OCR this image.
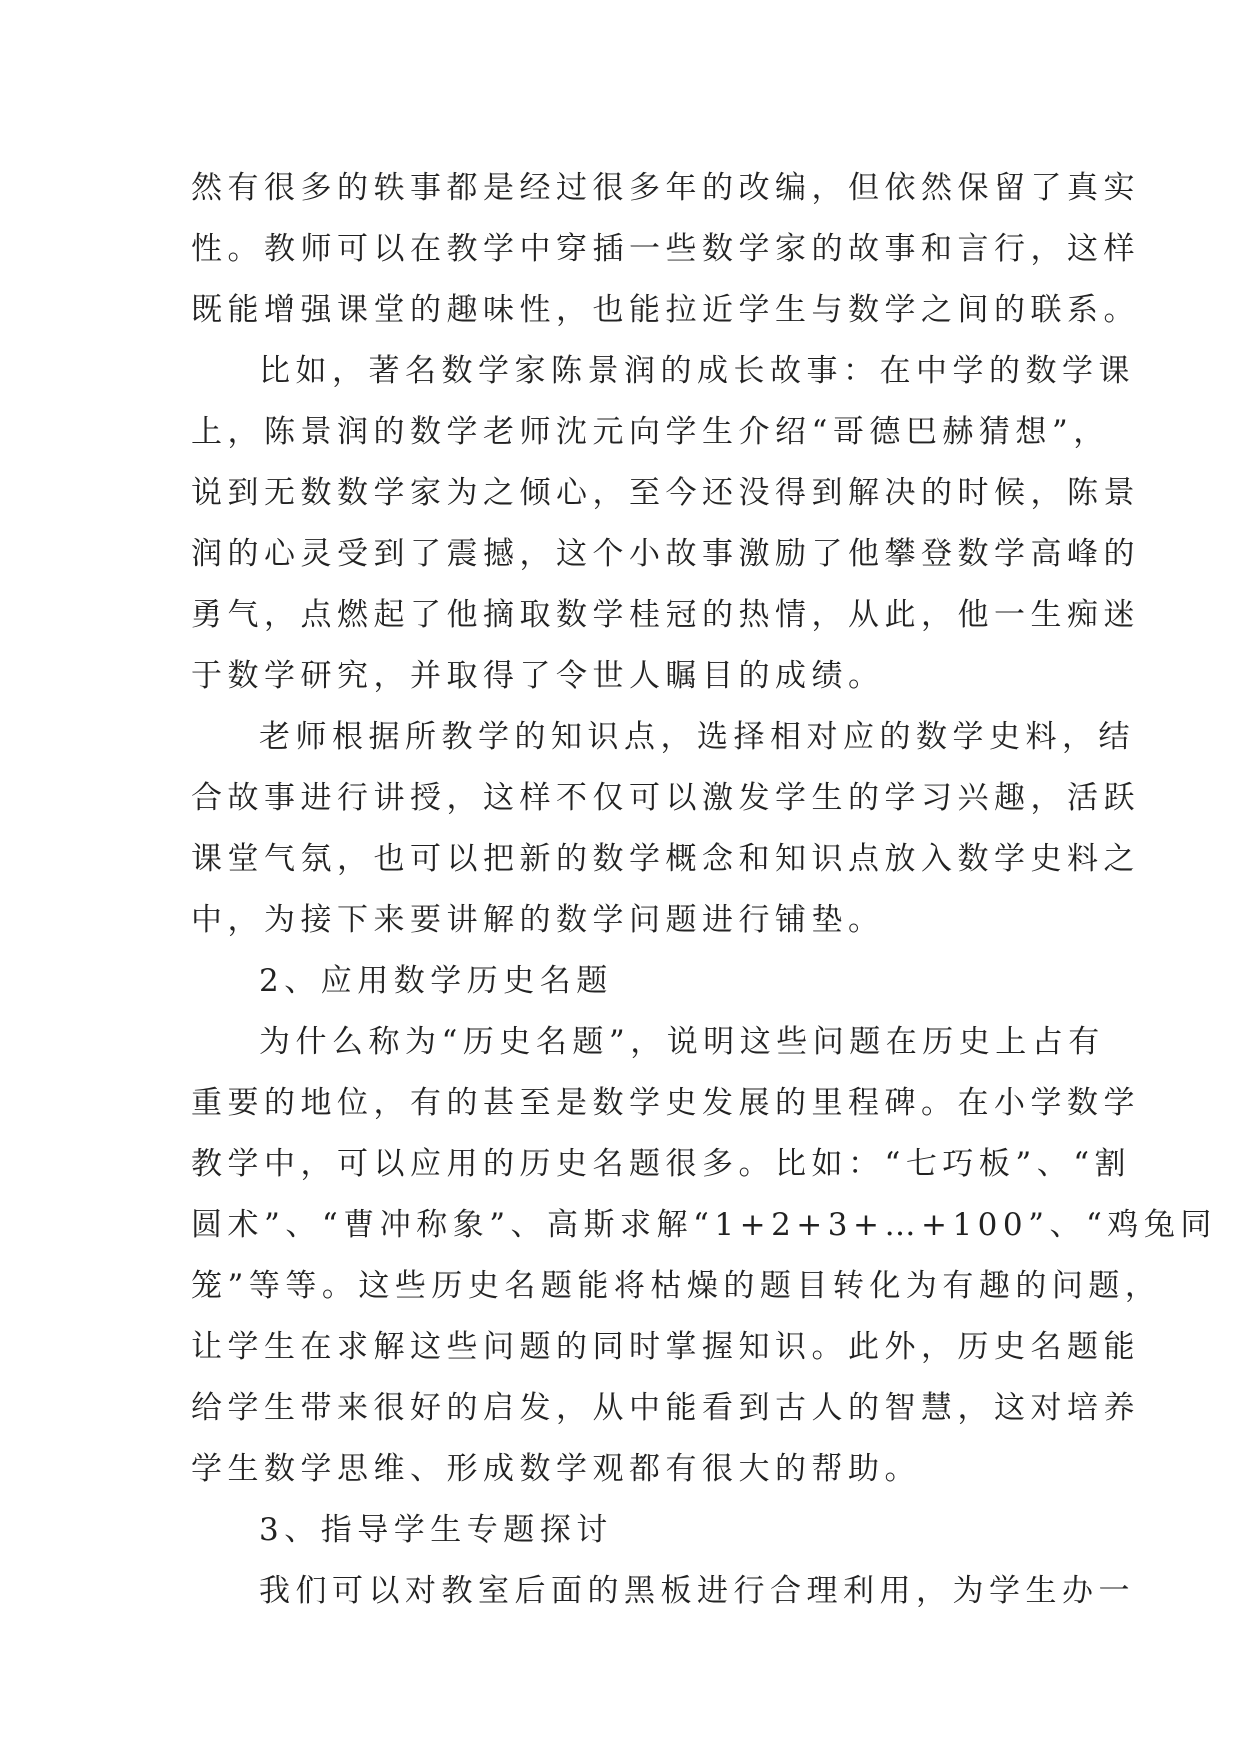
然有很多的轶事都是经过很多年的改编，但依然保留了真实
性。教师可以在教学中穿插一些数学家的故事和言行，这样
既能增强课堂的趣味性，也能拉近学生与数学之间的联系。
比如，著名数学家陈景润的成长故事：在中学的数学课
上，陈景润的数学老师沈元向学生介绍“哥德巴赫猜想”，
说到无数数学家为之倾心，至今还没得到解决的时候，陈景
润的心灵受到了震撼，这个小故事激励了他攀登数学高峰的
勇气，点燃起了他摘取数学桂冠的热情，从此，他一生痴迷
于数学研究，并取得了令世人瞩目的成绩。
老师根据所教学的知识点，选择相对应的数学史料，结
合故事进行讲授，这样不仅可以激发学生的学习兴趣，活跃
课堂气氛，也可以把新的数学概念和知识点放入数学史料之
中，为接下来要讲解的数学问题进行铺垫。
2、应用数学历史名题
为什么称为“历史名题”，说明这些问题在历史上占有
重要的地位，有的甚至是数学史发展的里程碑。在小学数学
教学中，可以应用的历史名题很多。比如：“七巧板”、“割
圆术”、“曹冲称象”、高斯求解“1+2+3+…+100”、“鸡兔同
笼”等等。这些历史名题能将枯燥的题目转化为有趣的问题，
让学生在求解这些问题的同时掌握知识。此外，历史名题能
给学生带来很好的启发，从中能看到古人的智慧，这对培养
学生数学思维、形成数学观都有很大的帮助。
3、指导学生专题探讨
我们可以对教室后面的黑板进行合理利用，为学生办一
